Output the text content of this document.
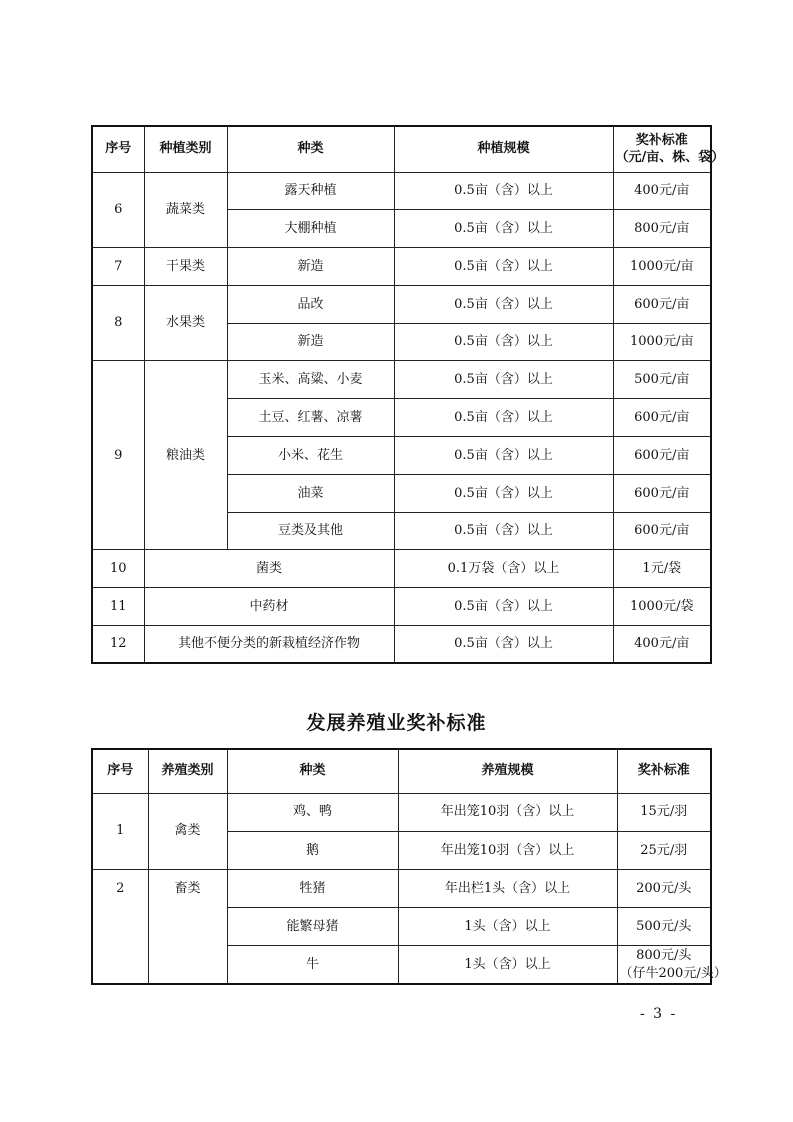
序号	种植类别	种类	种植规模	奖补标准
（元/亩、株、袋）

6	蔬菜类	露天种植	0.5亩（含）以上	400元/亩
		大棚种植	0.5亩（含）以上	800元/亩
7	干果类	新造	0.5亩（含）以上	1000元/亩
8	水果类	品改	0.5亩（含）以上	600元/亩
		新造	0.5亩（含）以上	1000元/亩
9	粮油类	玉米、高粱、小麦	0.5亩（含）以上	500元/亩
		土豆、红薯、凉薯	0.5亩（含）以上	600元/亩
		小米、花生	0.5亩（含）以上	600元/亩
		油菜	0.5亩（含）以上	600元/亩
		豆类及其他	0.5亩（含）以上	600元/亩
10	菌类		0.1万袋（含）以上	1元/袋
11	中药材		0.5亩（含）以上	1000元/袋
12	其他不便分类的新栽植经济作物		0.5亩（含）以上	400元/亩
发展养殖业奖补标准
序号	养殖类别	种类	养殖规模	奖补标准
1	禽类	鸡、鸭	年出笼10羽（含）以上	15元/羽
		鹅	年出笼10羽（含）以上	25元/羽
2	畜类	牲猪	年出栏1头（含）以上	200元/头
		能繁母猪	1头（含）以上	500元/头
		牛	1头（含）以上	800元/头
（仔牛200元/头）
- 3 -
